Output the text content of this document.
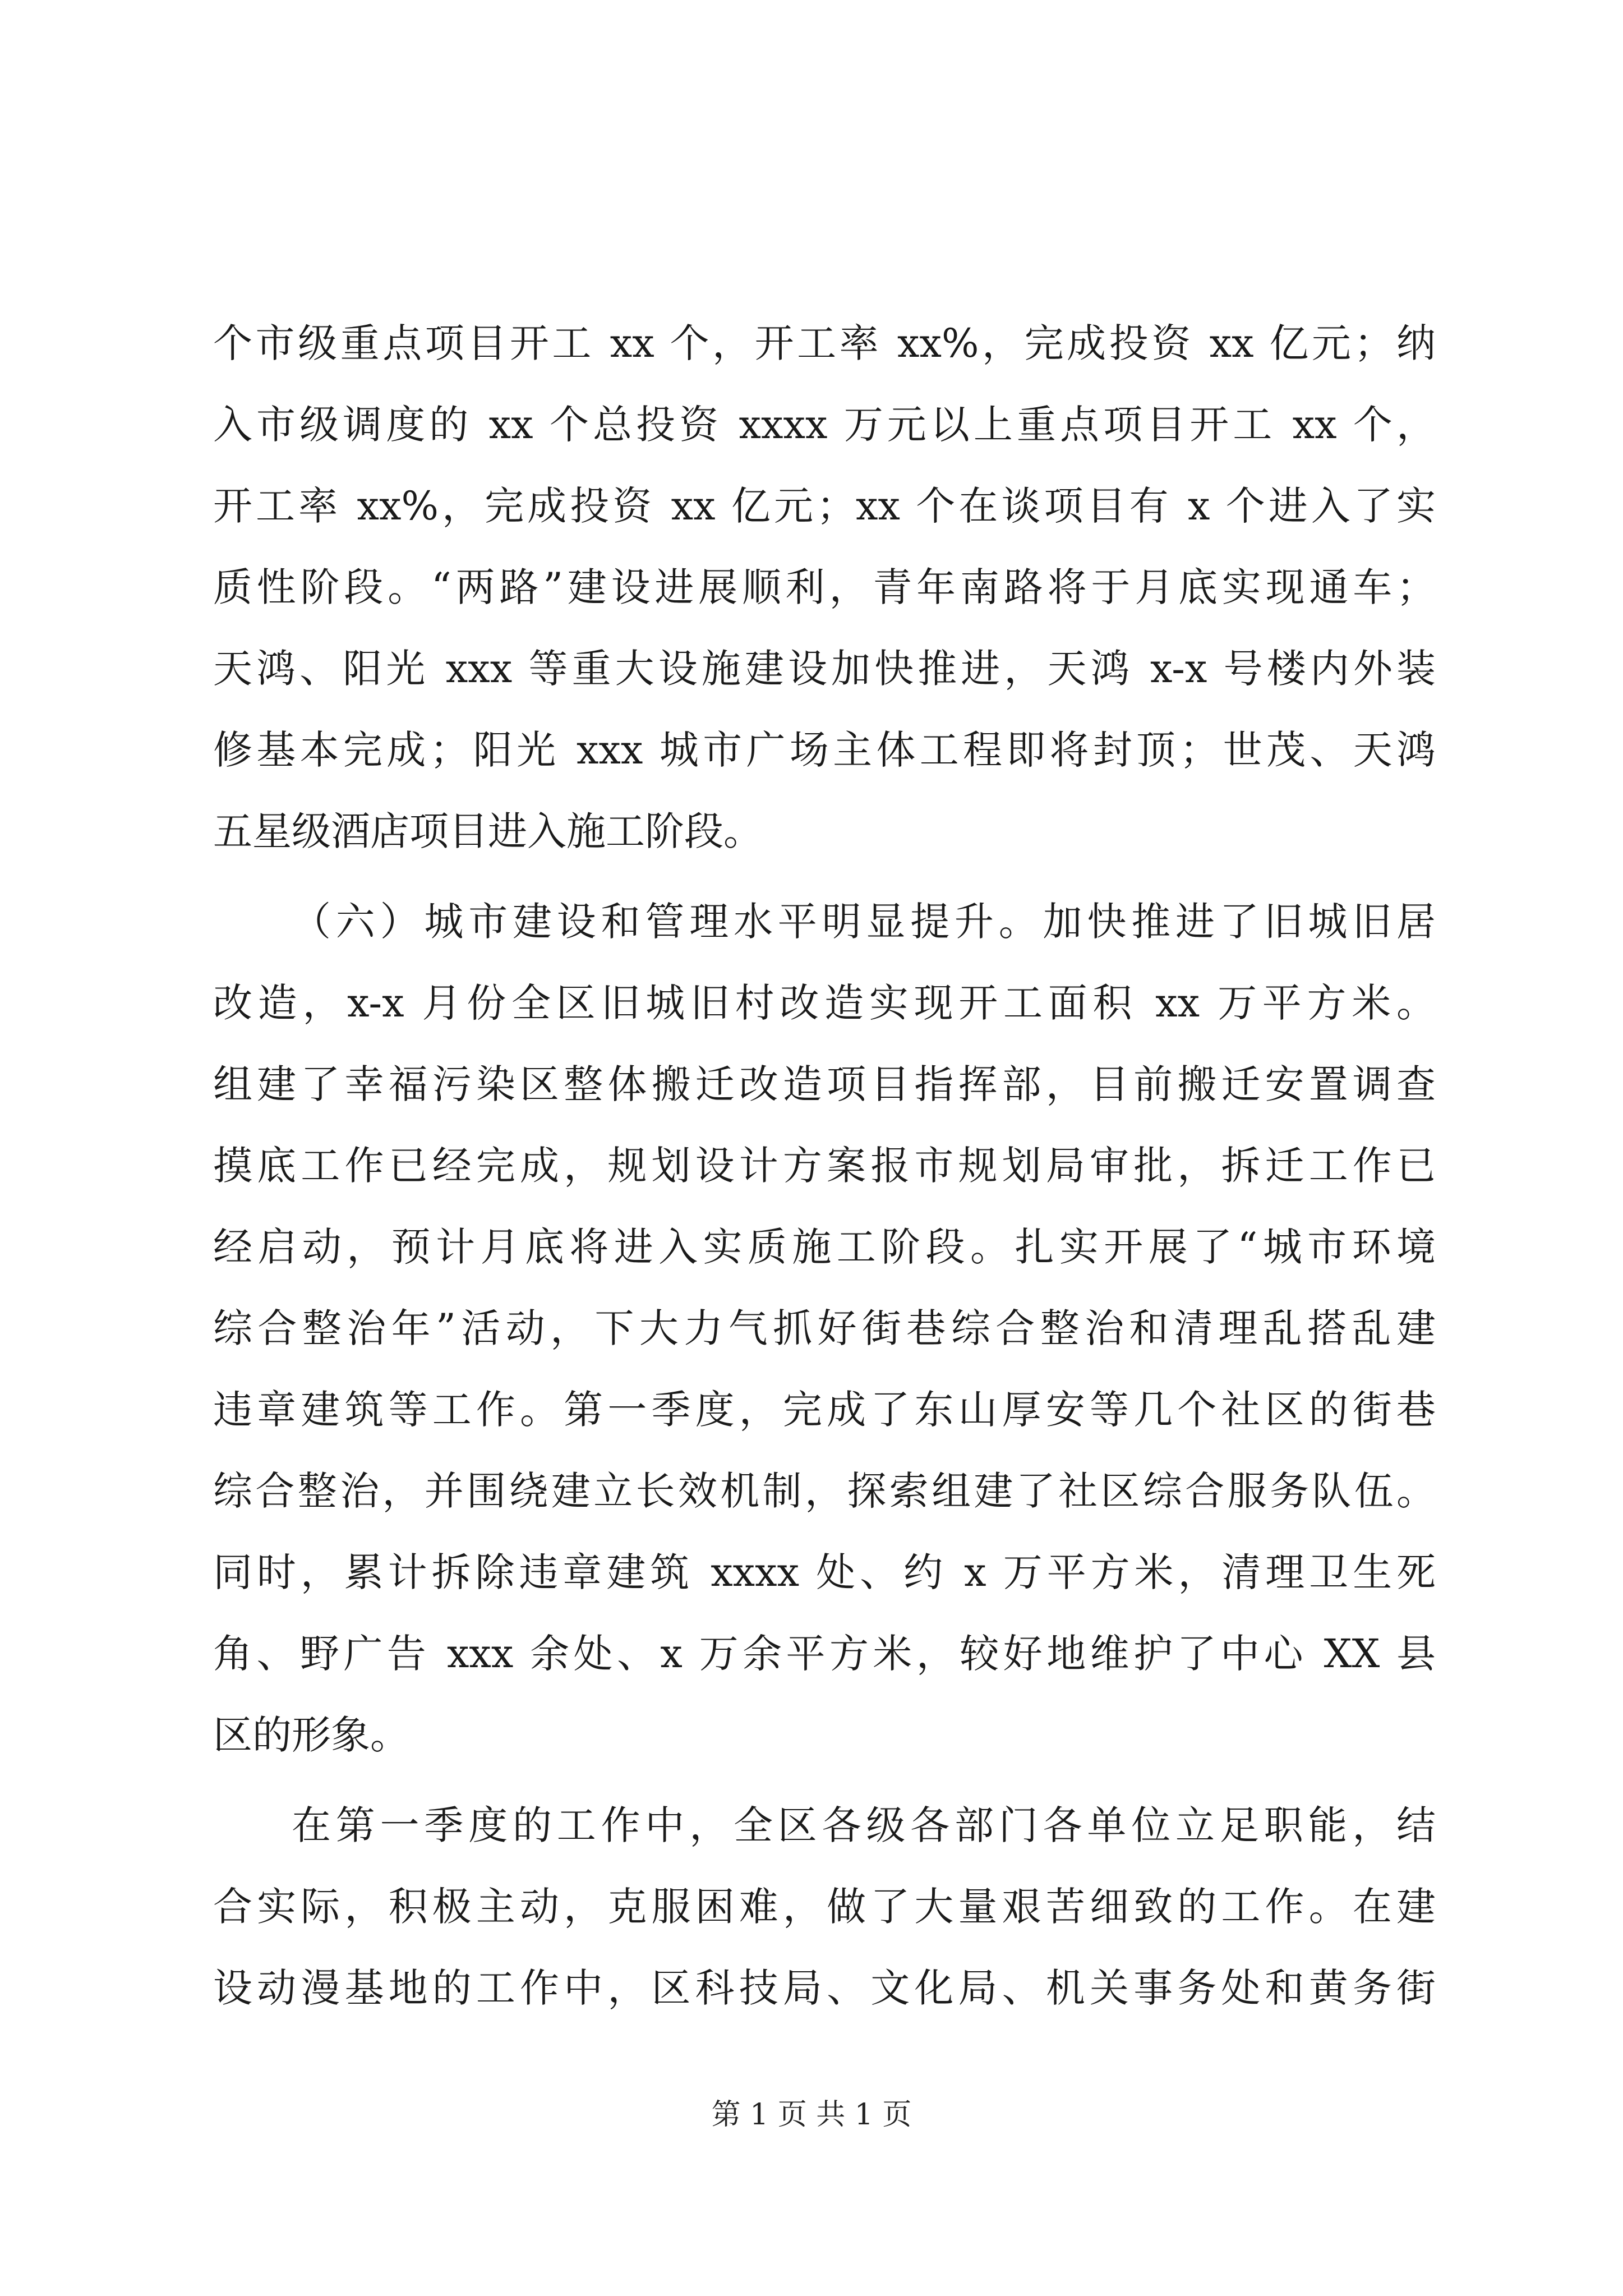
个市级重点项目开工 xx 个，开工率 xx%，完成投资 xx 亿元；纳
入市级调度的 xx 个总投资 xxxx 万元以上重点项目开工 xx 个，
开工率 xx%，完成投资 xx 亿元；xx 个在谈项目有 x 个进入了实
质性阶段。“两路”建设进展顺利，青年南路将于月底实现通车；
天鸿、阳光 xxx 等重大设施建设加快推进，天鸿 x-x 号楼内外装
修基本完成；阳光 xxx 城市广场主体工程即将封顶；世茂、天鸿
五星级酒店项目进入施工阶段。
（六）城市建设和管理水平明显提升。加快推进了旧城旧居
改造，x-x 月份全区旧城旧村改造实现开工面积 xx 万平方米。
组建了幸福污染区整体搬迁改造项目指挥部，目前搬迁安置调查
摸底工作已经完成，规划设计方案报市规划局审批，拆迁工作已
经启动，预计月底将进入实质施工阶段。扎实开展了“城市环境
综合整治年”活动，下大力气抓好街巷综合整治和清理乱搭乱建
违章建筑等工作。第一季度，完成了东山厚安等几个社区的街巷
综合整治，并围绕建立长效机制，探索组建了社区综合服务队伍。
同时，累计拆除违章建筑 xxxx 处、约 x 万平方米，清理卫生死
角、野广告 xxx 余处、x 万余平方米，较好地维护了中心 XX 县
区的形象。
在第一季度的工作中，全区各级各部门各单位立足职能，结
合实际，积极主动，克服困难，做了大量艰苦细致的工作。在建
设动漫基地的工作中，区科技局、文化局、机关事务处和黄务街
第 1 页 共 1 页
